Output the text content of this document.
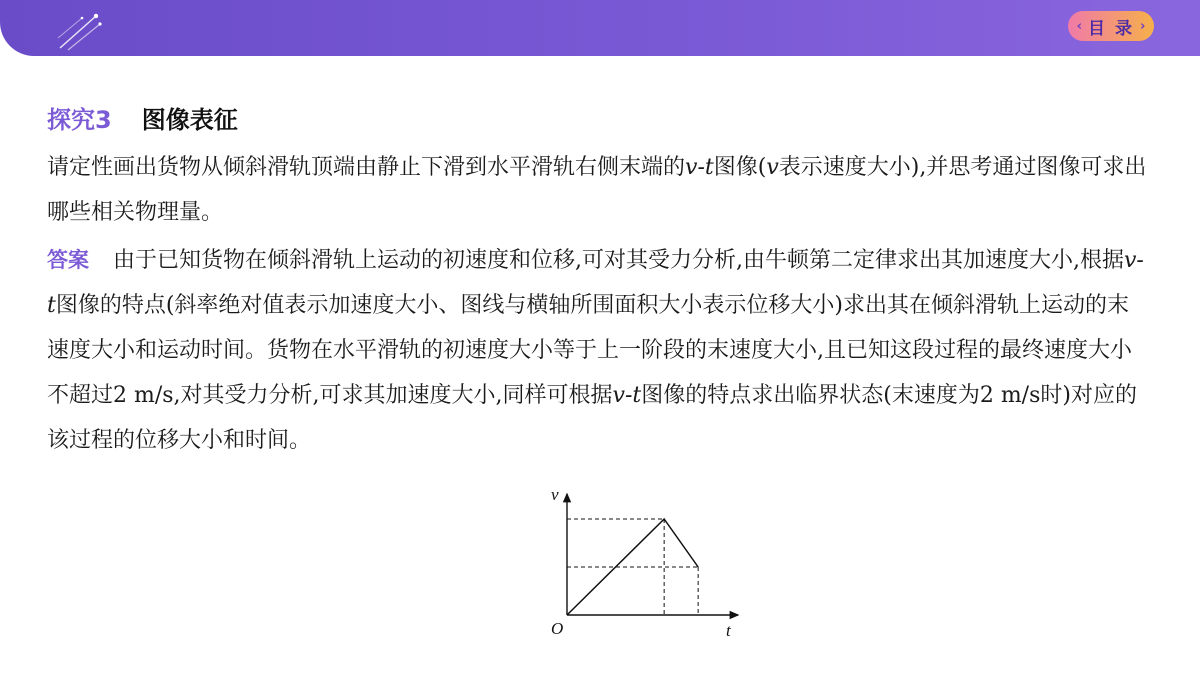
‹ 目 录 ›
探究3 图像表征
请定性画出货物从倾斜滑轨顶端由静止下滑到水平滑轨右侧末端的v-t图像(v表示速度大小),并思考通过图像可求出哪些相关物理量。
答案 由于已知货物在倾斜滑轨上运动的初速度和位移,可对其受力分析,由牛顿第二定律求出其加速度大小,根据v-t图像的特点(斜率绝对值表示加速度大小、图线与横轴所围面积大小表示位移大小)求出其在倾斜滑轨上运动的末速度大小和运动时间。货物在水平滑轨的初速度大小等于上一阶段的末速度大小,且已知这段过程的最终速度大小不超过2 m/s,对其受力分析,可求其加速度大小,同样可根据v-t图像的特点求出临界状态(末速度为2 m/s时)对应的该过程的位移大小和时间。
v
t
O
